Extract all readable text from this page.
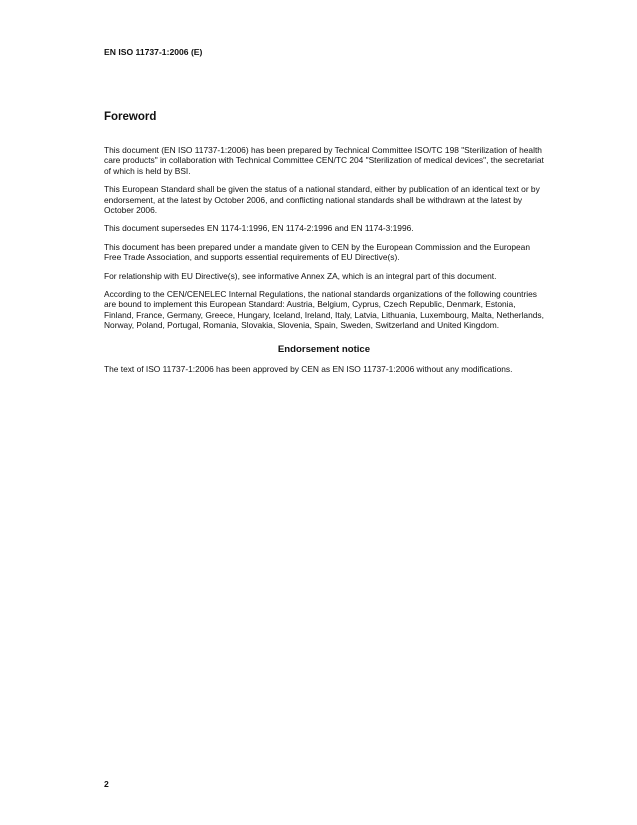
EN ISO 11737-1:2006 (E)
Foreword

This document (EN ISO 11737-1:2006) has been prepared by Technical Committee ISO/TC 198 "Sterilization of health care products" in collaboration with Technical Committee CEN/TC 204 "Sterilization of medical devices", the secretariat of which is held by BSI.

This European Standard shall be given the status of a national standard, either by publication of an identical text or by endorsement, at the latest by October 2006, and conflicting national standards shall be withdrawn at the latest by October 2006.

This document supersedes EN 1174-1:1996, EN 1174-2:1996 and EN 1174-3:1996.

This document has been prepared under a mandate given to CEN by the European Commission and the European Free Trade Association, and supports essential requirements of EU Directive(s).

For relationship with EU Directive(s), see informative Annex ZA, which is an integral part of this document.

According to the CEN/CENELEC Internal Regulations, the national standards organizations of the following countries are bound to implement this European Standard: Austria, Belgium, Cyprus, Czech Republic, Denmark, Estonia, Finland, France, Germany, Greece, Hungary, Iceland, Ireland, Italy, Latvia, Lithuania, Luxembourg, Malta, Netherlands, Norway, Poland, Portugal, Romania, Slovakia, Slovenia, Spain, Sweden, Switzerland and United Kingdom.

Endorsement notice

The text of ISO 11737-1:2006 has been approved by CEN as EN ISO 11737-1:2006 without any modifications.

2
